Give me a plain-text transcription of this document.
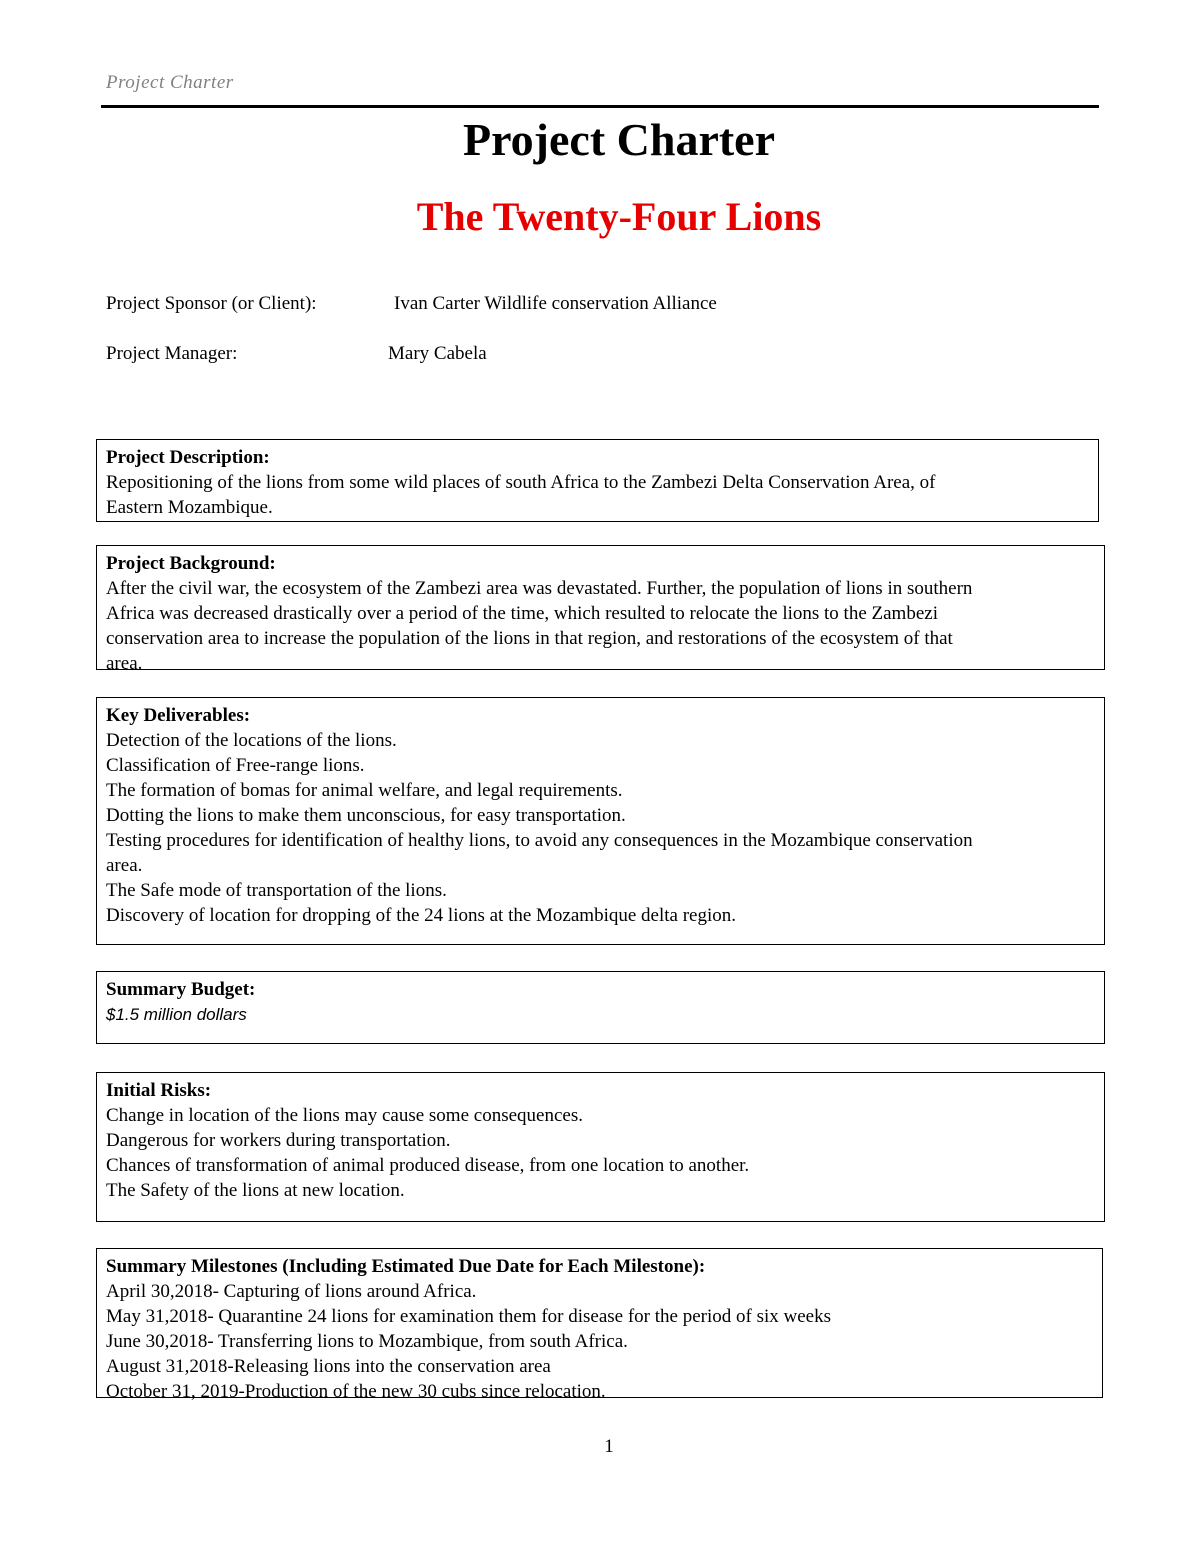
Project Charter
Project Charter
The Twenty-Four Lions
Project Sponsor (or Client):	Ivan Carter Wildlife conservation Alliance
Project Manager:	Mary Cabela
Project Description:
Repositioning of the lions from some wild places of south Africa to the Zambezi Delta Conservation Area, of
Eastern Mozambique.
Project Background:
After the civil war, the ecosystem of the Zambezi area was devastated. Further, the population of lions in southern
Africa was decreased drastically over a period of the time, which resulted to relocate the lions to the Zambezi
conservation area to increase the population of the lions in that region, and restorations of the ecosystem of that
area.
Key Deliverables:
Detection of the locations of the lions.
Classification of Free-range lions.
The formation of bomas for animal welfare, and legal requirements.
Dotting the lions to make them unconscious, for easy transportation.
Testing procedures for identification of healthy lions, to avoid any consequences in the Mozambique conservation
area.
The Safe mode of transportation of the lions.
Discovery of location for dropping of the 24 lions at the Mozambique delta region.
Summary Budget:
$1.5 million dollars
Initial Risks:
Change in location of the lions may cause some consequences.
Dangerous for workers during transportation.
Chances of transformation of animal produced disease, from one location to another.
The Safety of the lions at new location.
Summary Milestones (Including Estimated Due Date for Each Milestone):
April 30,2018- Capturing of lions around Africa.
May 31,2018- Quarantine 24 lions for examination them for disease for the period of six weeks
June 30,2018- Transferring lions to Mozambique, from south Africa.
August 31,2018-Releasing lions into the conservation area
October 31, 2019-Production of the new 30 cubs since relocation.
1
